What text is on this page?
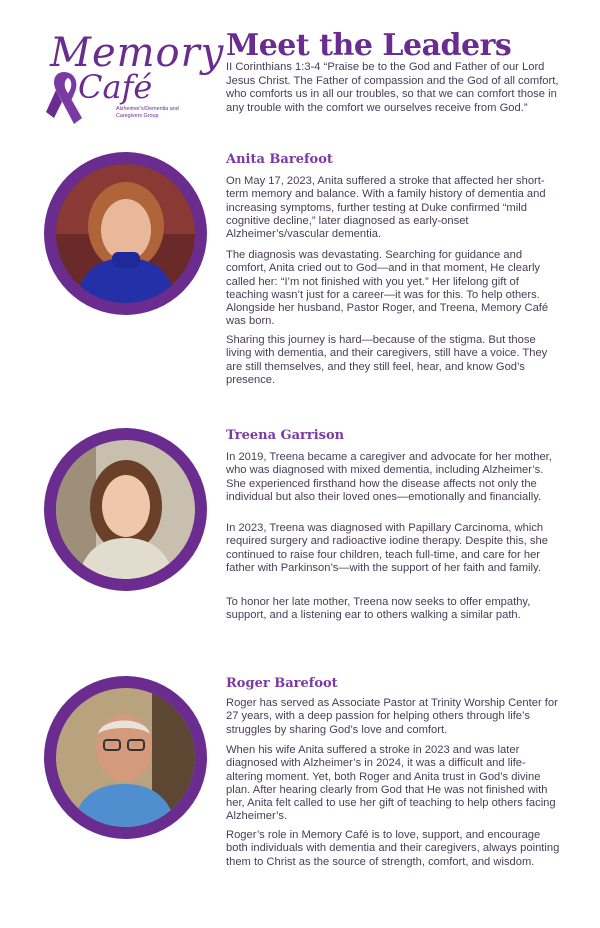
Memory
Café
Alzheimer's/Dementia and Caregivers Group
Meet the Leaders

II Corinthians 1:3-4 “Praise be to the God and Father of our Lord Jesus Christ. The Father of compassion and the God of all comfort, who comforts us in all our troubles, so that we can comfort those in any trouble with the comfort we ourselves receive from God.”

Anita Barefoot

On May 17, 2023, Anita suffered a stroke that affected her short-term memory and balance. With a family history of dementia and increasing symptoms, further testing at Duke confirmed “mild cognitive decline,” later diagnosed as early-onset Alzheimer’s/vascular dementia.

The diagnosis was devastating. Searching for guidance and comfort, Anita cried out to God—and in that moment, He clearly called her: “I’m not finished with you yet.” Her lifelong gift of teaching wasn’t just for a career—it was for this. To help others. Alongside her husband, Pastor Roger, and Treena, Memory Café was born.

Sharing this journey is hard—because of the stigma. But those living with dementia, and their caregivers, still have a voice. They are still themselves, and they still feel, hear, and know God’s presence.

Treena Garrison

In 2019, Treena became a caregiver and advocate for her mother, who was diagnosed with mixed dementia, including Alzheimer’s. She experienced firsthand how the disease affects not only the individual but also their loved ones—emotionally and financially.

In 2023, Treena was diagnosed with Papillary Carcinoma, which required surgery and radioactive iodine therapy. Despite this, she continued to raise four children, teach full-time, and care for her father with Parkinson’s—with the support of her faith and family.

To honor her late mother, Treena now seeks to offer empathy, support, and a listening ear to others walking a similar path.

Roger Barefoot

Roger has served as Associate Pastor at Trinity Worship Center for 27 years, with a deep passion for helping others through life’s struggles by sharing God’s love and comfort.

When his wife Anita suffered a stroke in 2023 and was later diagnosed with Alzheimer’s in 2024, it was a difficult and life-altering moment. Yet, both Roger and Anita trust in God’s divine plan. After hearing clearly from God that He was not finished with her, Anita felt called to use her gift of teaching to help others facing Alzheimer’s.

Roger’s role in Memory Café is to love, support, and encourage both individuals with dementia and their caregivers, always pointing them to Christ as the source of strength, comfort, and wisdom.
